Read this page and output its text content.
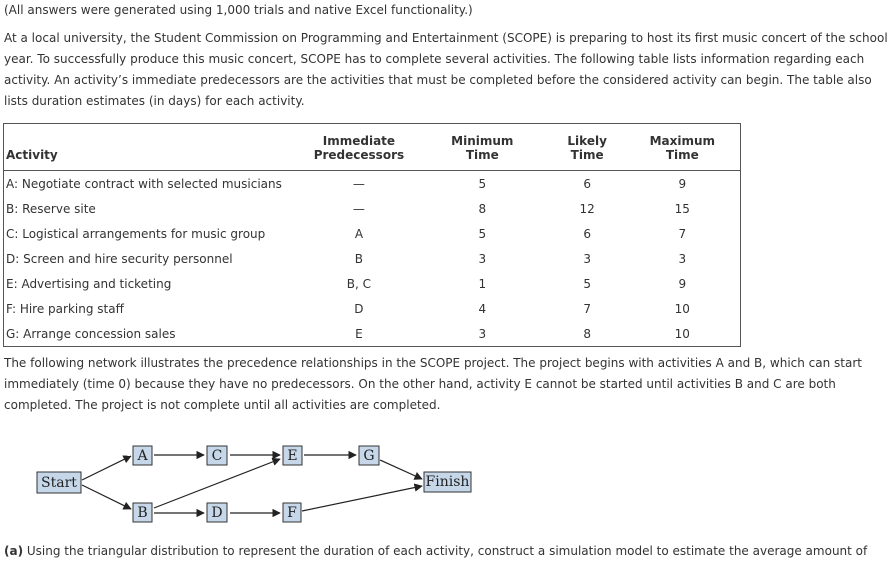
(All answers were generated using 1,000 trials and native Excel functionality.)

At a local university, the Student Commission on Programming and Entertainment (SCOPE) is preparing to host its first music concert of the school year. To successfully produce this music concert, SCOPE has to complete several activities. The following table lists information regarding each activity. An activity’s immediate predecessors are the activities that must be completed before the considered activity can begin. The table also lists duration estimates (in days) for each activity.

	Immediate	Minimum	Likely	Maximum
Activity	Predecessors	Time	Time	Time
A: Negotiate contract with selected musicians	—	5	6	9
B: Reserve site	—	8	12	15
C: Logistical arrangements for music group	A	5	6	7
D: Screen and hire security personnel	B	3	3	3
E: Advertising and ticketing	B, C	1	5	9
F: Hire parking staff	D	4	7	10
G: Arrange concession sales	E	3	8	10

The following network illustrates the precedence relationships in the SCOPE project. The project begins with activities A and B, which can start immediately (time 0) because they have no predecessors. On the other hand, activity E cannot be started until activities B and C are both completed. The project is not complete until all activities are completed.

Start
A
B
C
D
E
F
G
Finish

(a) Using the triangular distribution to represent the duration of each activity, construct a simulation model to estimate the average amount of
